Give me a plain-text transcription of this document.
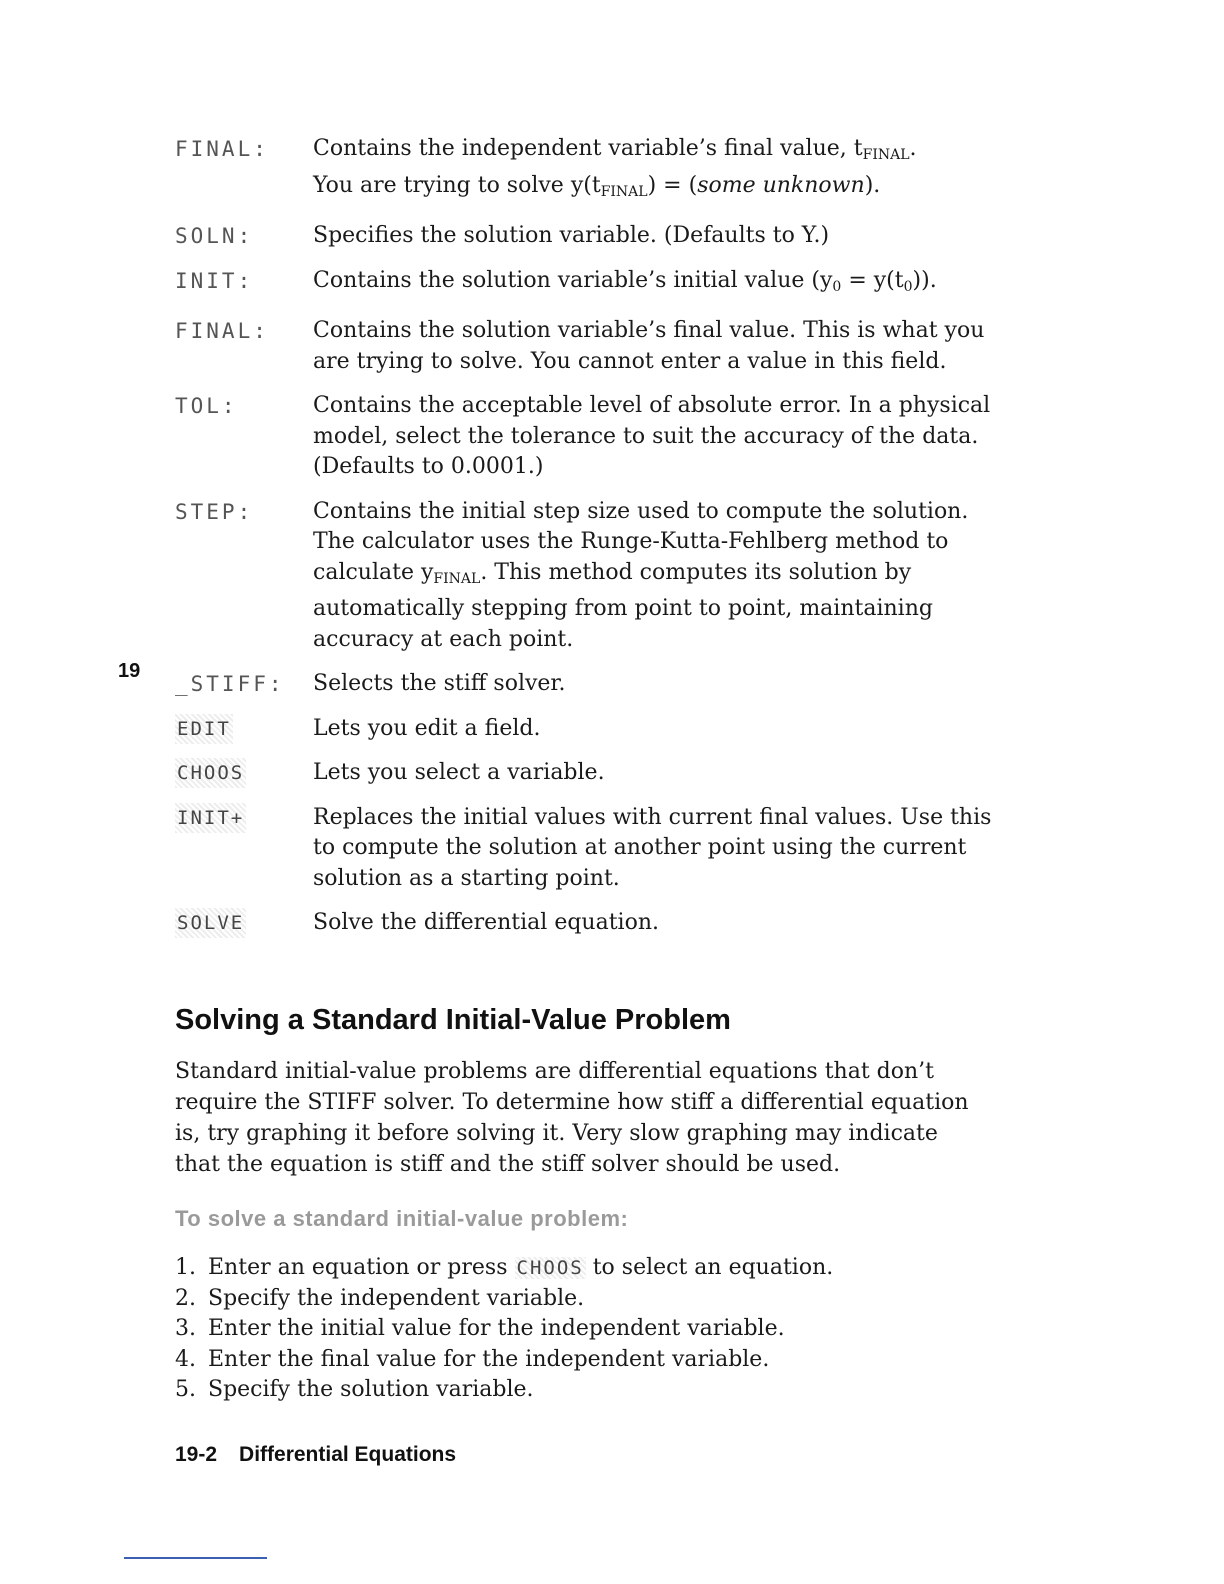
FINAL:	Contains the independent variable’s final value, $t_{FINAL}$.
You are trying to solve $y(t_{FINAL})$ = (some unknown).
SOLN:	Specifies the solution variable. (Defaults to Y.)
INIT:	Contains the solution variable’s initial value $(y_0 = y(t_0))$.
FINAL:	Contains the solution variable’s final value. This is what you are trying to solve. You cannot enter a value in this field.
TOL:	Contains the acceptable level of absolute error. In a physical model, select the tolerance to suit the accuracy of the data. (Defaults to 0.0001.)
STEP:	Contains the initial step size used to compute the solution. The calculator uses the Runge-Kutta-Fehlberg method to calculate $y_{FINAL}$. This method computes its solution by automatically stepping from point to point, maintaining accuracy at each point.
_STIFF:	Selects the stiff solver.
EDIT	Lets you edit a field.
CHOOS	Lets you select a variable.
INIT+	Replaces the initial values with current final values. Use this to compute the solution at another point using the current solution as a starting point.
SOLVE	Solve the differential equation.
19
Solving a Standard Initial-Value Problem

Standard initial-value problems are differential equations that don’t require the STIFF solver. To determine how stiff a differential equation is, try graphing it before solving it. Very slow graphing may indicate that the equation is stiff and the stiff solver should be used.

To solve a standard initial-value problem:
1. Enter an equation or press CHOOS to select an equation.
2. Specify the independent variable.
3. Enter the initial value for the independent variable.
4. Enter the final value for the independent variable.
5. Specify the solution variable.
19-2 Differential Equations
